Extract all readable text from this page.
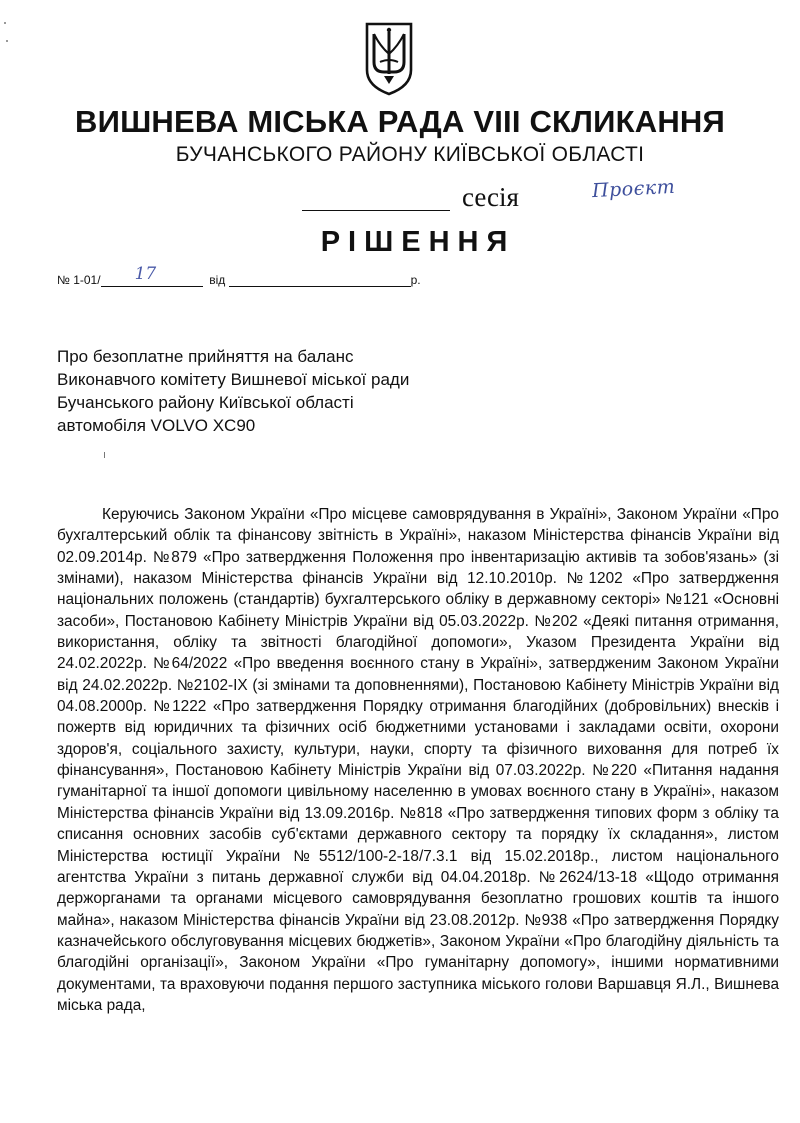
ВИШНЕВА МІСЬКА РАДА VIII СКЛИКАННЯ
БУЧАНСЬКОГО РАЙОНУ КИЇВСЬКОЇ ОБЛАСТІ
сесія	Проєкт
РІШЕННЯ
№ 1-01/ 17	від	р.
Про безоплатне прийняття на баланс
Виконавчого комітету Вишневої міської ради
Бучанського району Київської області
автомобіля VOLVO XC90

Керуючись Законом України «Про місцеве самоврядування в Україні», Законом України «Про бухгалтерський облік та фінансову звітність в Україні», наказом Міністерства фінансів України від 02.09.2014р. №879 «Про затвердження Положення про інвентаризацію активів та зобов'язань» (зі змінами), наказом Міністерства фінансів України від 12.10.2010р. №1202 «Про затвердження національних положень (стандартів) бухгалтерського обліку в державному секторі» №121 «Основні засоби», Постановою Кабінету Міністрів України від 05.03.2022р. №202 «Деякі питання отримання, використання, обліку та звітності благодійної допомоги», Указом Президента України від 24.02.2022р. №64/2022 «Про введення воєнного стану в Україні», затвердженим Законом України від 24.02.2022р. №2102-IX (зі змінами та доповненнями), Постановою Кабінету Міністрів України від 04.08.2000р. №1222 «Про затвердження Порядку отримання благодійних (добровільних) внесків і пожертв від юридичних та фізичних осіб бюджетними установами і закладами освіти, охорони здоров'я, соціального захисту, культури, науки, спорту та фізичного виховання для потреб їх фінансування», Постановою Кабінету Міністрів України від 07.03.2022р. №220 «Питання надання гуманітарної та іншої допомоги цивільному населенню в умовах воєнного стану в Україні», наказом Міністерства фінансів України від 13.09.2016р. №818 «Про затвердження типових форм з обліку та списання основних засобів суб'єктами державного сектору та порядку їх складання», листом Міністерства юстиції України №5512/100-2-18/7.3.1 від 15.02.2018р., листом національного агентства України з питань державної служби від 04.04.2018р. №2624/13-18 «Щодо отримання держорганами та органами місцевого самоврядування безоплатно грошових коштів та іншого майна», наказом Міністерства фінансів України від 23.08.2012р. №938 «Про затвердження Порядку казначейського обслуговування місцевих бюджетів», Законом України «Про благодійну діяльність та благодійні організації», Законом України «Про гуманітарну допомогу», іншими нормативними документами, та враховуючи подання першого заступника міського голови Варшавця Я.Л., Вишнева міська рада,
